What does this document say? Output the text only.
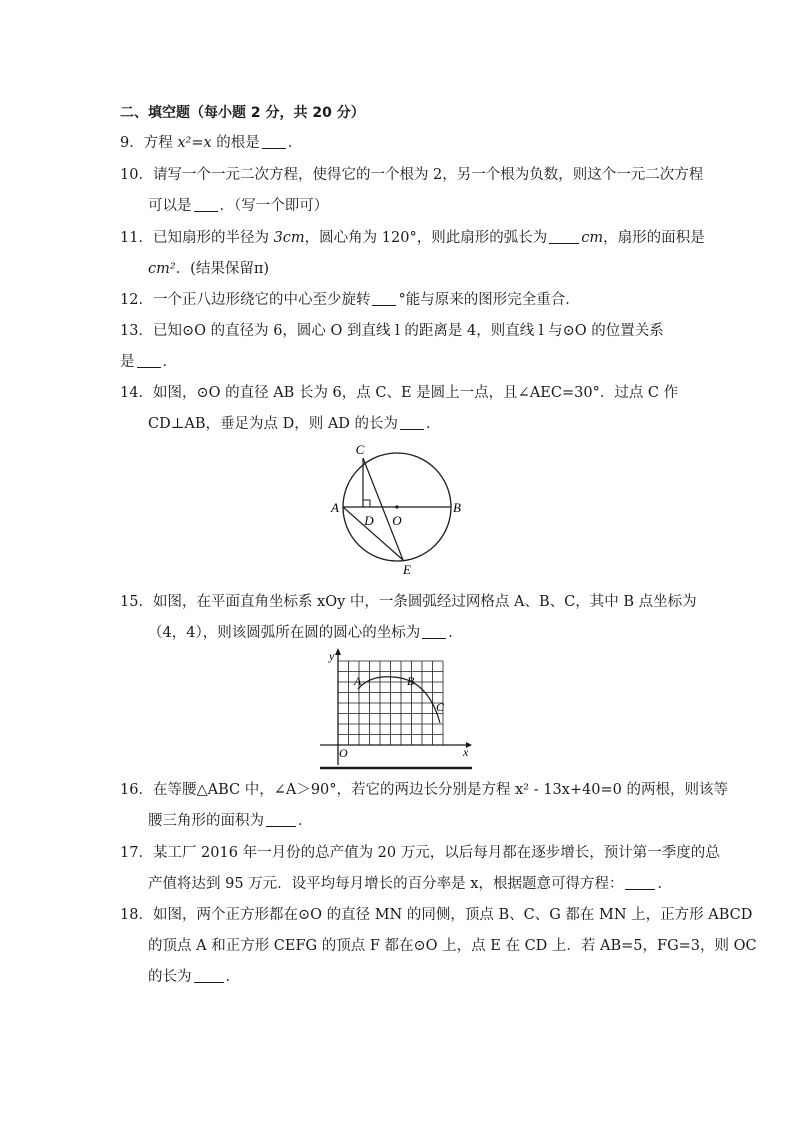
二、填空题（每小题 2 分，共 20 分）
9．方程 x²=x 的根是 ．
10．请写一个一元二次方程，使得它的一个根为 2，另一个根为负数，则这个一元二次方程
可以是 ．（写一个即可）
11．已知扇形的半径为 3cm，圆心角为 120°，则此扇形的弧长为 cm，扇形的面积是
cm²．(结果保留π)
12．一个正八边形绕它的中心至少旋转 °能与原来的图形完全重合．
13．已知⊙O 的直径为 6，圆心 O 到直线 l 的距离是 4，则直线 l 与⊙O 的位置关系
是 ．
14．如图，⊙O 的直径 AB 长为 6，点 C、E 是圆上一点，且∠AEC=30°．过点 C 作
CD⊥AB，垂足为点 D，则 AD 的长为 ．
C
A	B
D O
E
15．如图，在平面直角坐标系 xOy 中，一条圆弧经过网格点 A、B、C，其中 B 点坐标为
（4，4），则该圆弧所在圆的圆心的坐标为 ．
y
x
O
A	B
C
16．在等腰△ABC 中，∠A＞90°，若它的两边长分别是方程 x² - 13x+40=0 的两根，则该等
腰三角形的面积为 ．
17．某工厂 2016 年一月份的总产值为 20 万元，以后每月都在逐步增长，预计第一季度的总
产值将达到 95 万元．设平均每月增长的百分率是 x，根据题意可得方程： ．
18．如图，两个正方形都在⊙O 的直径 MN 的同侧，顶点 B、C、G 都在 MN 上，正方形 ABCD
的顶点 A 和正方形 CEFG 的顶点 F 都在⊙O 上，点 E 在 CD 上．若 AB=5，FG=3，则 OC
的长为 ．
